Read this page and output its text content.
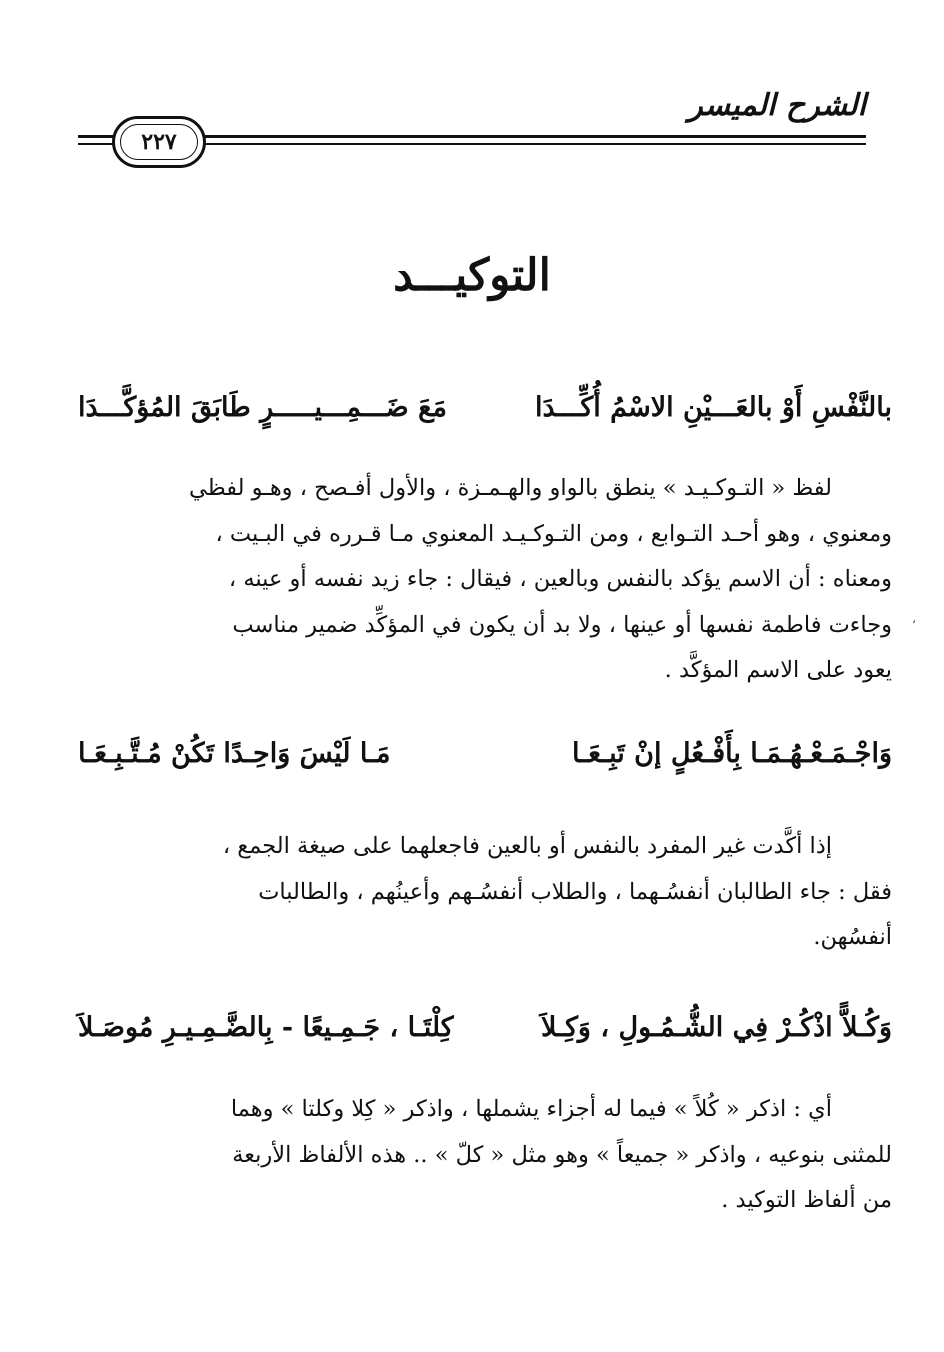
الشرح الميسر
٢٢٧
التوكيـــد
بالنَّفْسِ أَوْ بالعَـــيْنِ الاسْمُ أُكِّـــدَا
مَعَ ضَـــمِـــيـــــرٍ طَابَقَ المُؤكَّـــدَا
لفظ « التـوكـيـد » ينطق بالواو والهـمـزة ، والأول أفـصح ، وهـو لفظي
ومعنوي ، وهو أحـد التـوابع ، ومن التـوكـيـد المعنوي مـا قـرره في البـيت ،
ومعناه : أن الاسم يؤكد بالنفس وبالعين ، فيقال : جاء زيد نفسه أو عينه ،
وجاءت فاطمة نفسها أو عينها ، ولا بد أن يكون في المؤكِّد ضمير مناسب
يعود على الاسم المؤكَّد .
وَاجْـمَـعْـهُـمَـا بِأَفْـعُلٍ إنْ تَبِـعَـا
مَـا لَيْسَ وَاحِـدًا تَكُنْ مُـتَّـبِـعَـا
إذا أكَّدت غير المفرد بالنفس أو بالعين فاجعلهما على صيغة الجمع ،
فقل : جاء الطالبان أنفسُـهما ، والطلاب أنفسُـهم وأعينُهم ، والطالبات
أنفسُهن.
وَكُـلاًّ اذْكُـرْ فِي الشُّـمُـولِ ، وَكِـلاَ
كِلْتَـا ، جَـمِـيعًا - بِالضَّـمِـيـرِ مُوصَـلاَ
أي : اذكر « كُلاً » فيما له أجزاء يشملها ، واذكر « كِلا وكلتا » وهما
للمثنى بنوعيه ، واذكر « جميعاً » وهو مثل « كلّ » .. هذه الألفاظ الأربعة
من ألفاظ التوكيد .
،
